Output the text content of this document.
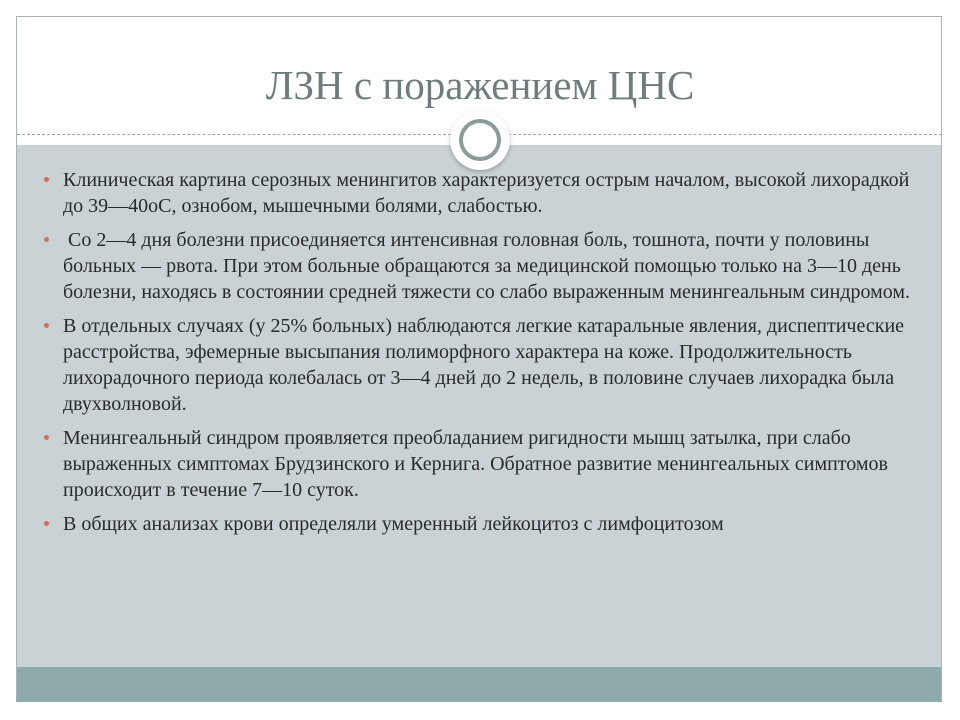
ЛЗН с поражением ЦНС
Клиническая картина серозных менингитов характеризуется острым началом, высокой лихорадкой до 39—40оС, ознобом, мышечными болями, слабостью.
Со 2—4 дня болезни присоединяется интенсивная головная боль, тошнота, почти у половины больных — рвота. При этом больные обращаются за медицинской помощью только на 3—10 день болезни, находясь в состоянии средней тяжести со слабо выраженным менингеальным синдромом.
В отдельных случаях (у 25% больных) наблюдаются легкие катаральные явления, диспептические расстройства, эфемерные высыпания полиморфного характера на коже. Продолжительность лихорадочного периода колебалась от 3—4 дней до 2 недель, в половине случаев лихорадка была двухволновой.
Менингеальный синдром проявляется преобладанием ригидности мышц затылка, при слабо выраженных симптомах Брудзинского и Кернига. Обратное развитие менингеальных симптомов происходит в течение 7—10 суток.
В общих анализах крови определяли умеренный лейкоцитоз с лимфоцитозом
